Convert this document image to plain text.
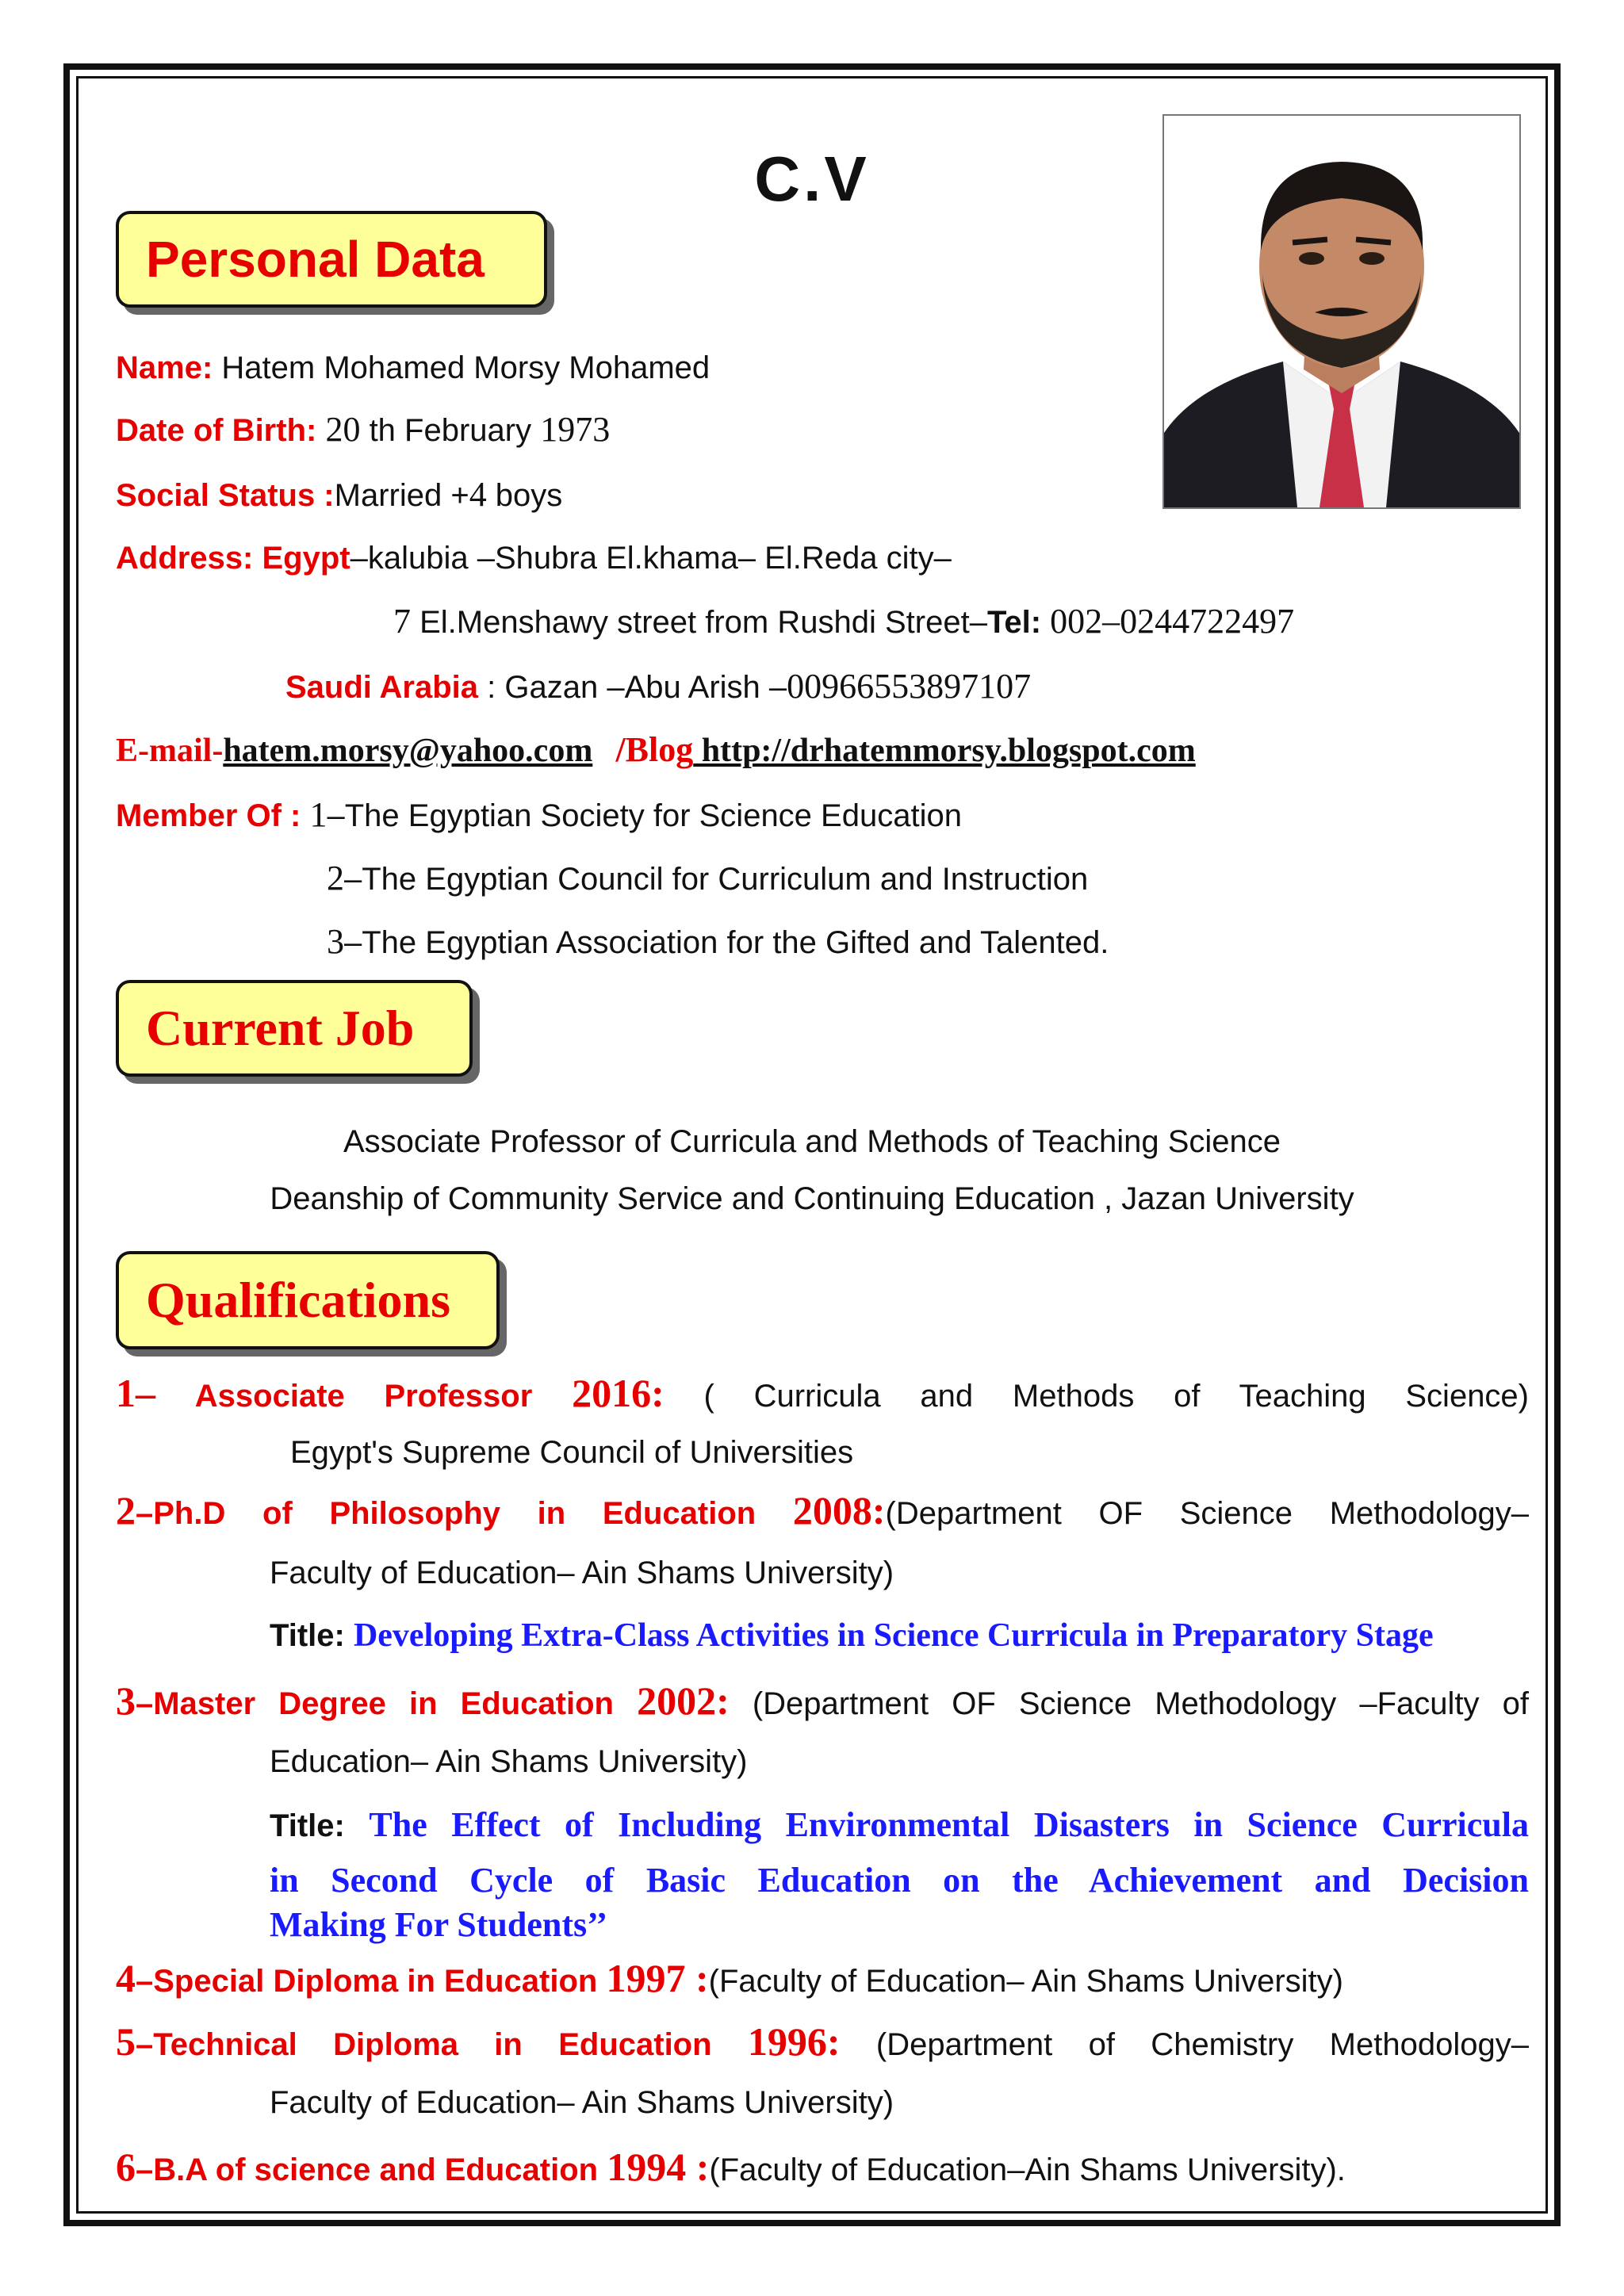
C.V
Personal Data
Name: Hatem Mohamed Morsy Mohamed
Date of Birth: 20 th February 1973
Social Status :Married +4 boys
Address: Egypt–kalubia –Shubra El.khama– El.Reda city–
7 El.Menshawy street from Rushdi Street–Tel: 002–0244722497
Saudi Arabia : Gazan –Abu Arish –00966553897107
E-mail-hatem.morsy@yahoo.com /Blog http://drhatemmorsy.blogspot.com
Member Of : 1–The Egyptian Society for Science Education
2–The Egyptian Council for Curriculum and Instruction
3–The Egyptian Association for the Gifted and Talented.
Current Job
Associate Professor of Curricula and Methods of Teaching Science
Deanship of Community Service and Continuing Education , Jazan University
Qualifications
1– Associate Professor 2016: ( Curricula and Methods of Teaching Science)
Egypt's Supreme Council of Universities
2–Ph.D of Philosophy in Education 2008:(Department OF Science Methodology–
Faculty of Education– Ain Shams University)
Title: Developing Extra-Class Activities in Science Curricula in Preparatory Stage
3–Master Degree in Education 2002: (Department OF Science Methodology –Faculty of
Education– Ain Shams University)
Title: The Effect of Including Environmental Disasters in Science Curricula
in Second Cycle of Basic Education on the Achievement and Decision
Making For Students’’
4–Special Diploma in Education 1997 :(Faculty of Education– Ain Shams University)
5–Technical Diploma in Education 1996: (Department of Chemistry Methodology–
Faculty of Education– Ain Shams University)
6–B.A of science and Education 1994 :(Faculty of Education–Ain Shams University).
